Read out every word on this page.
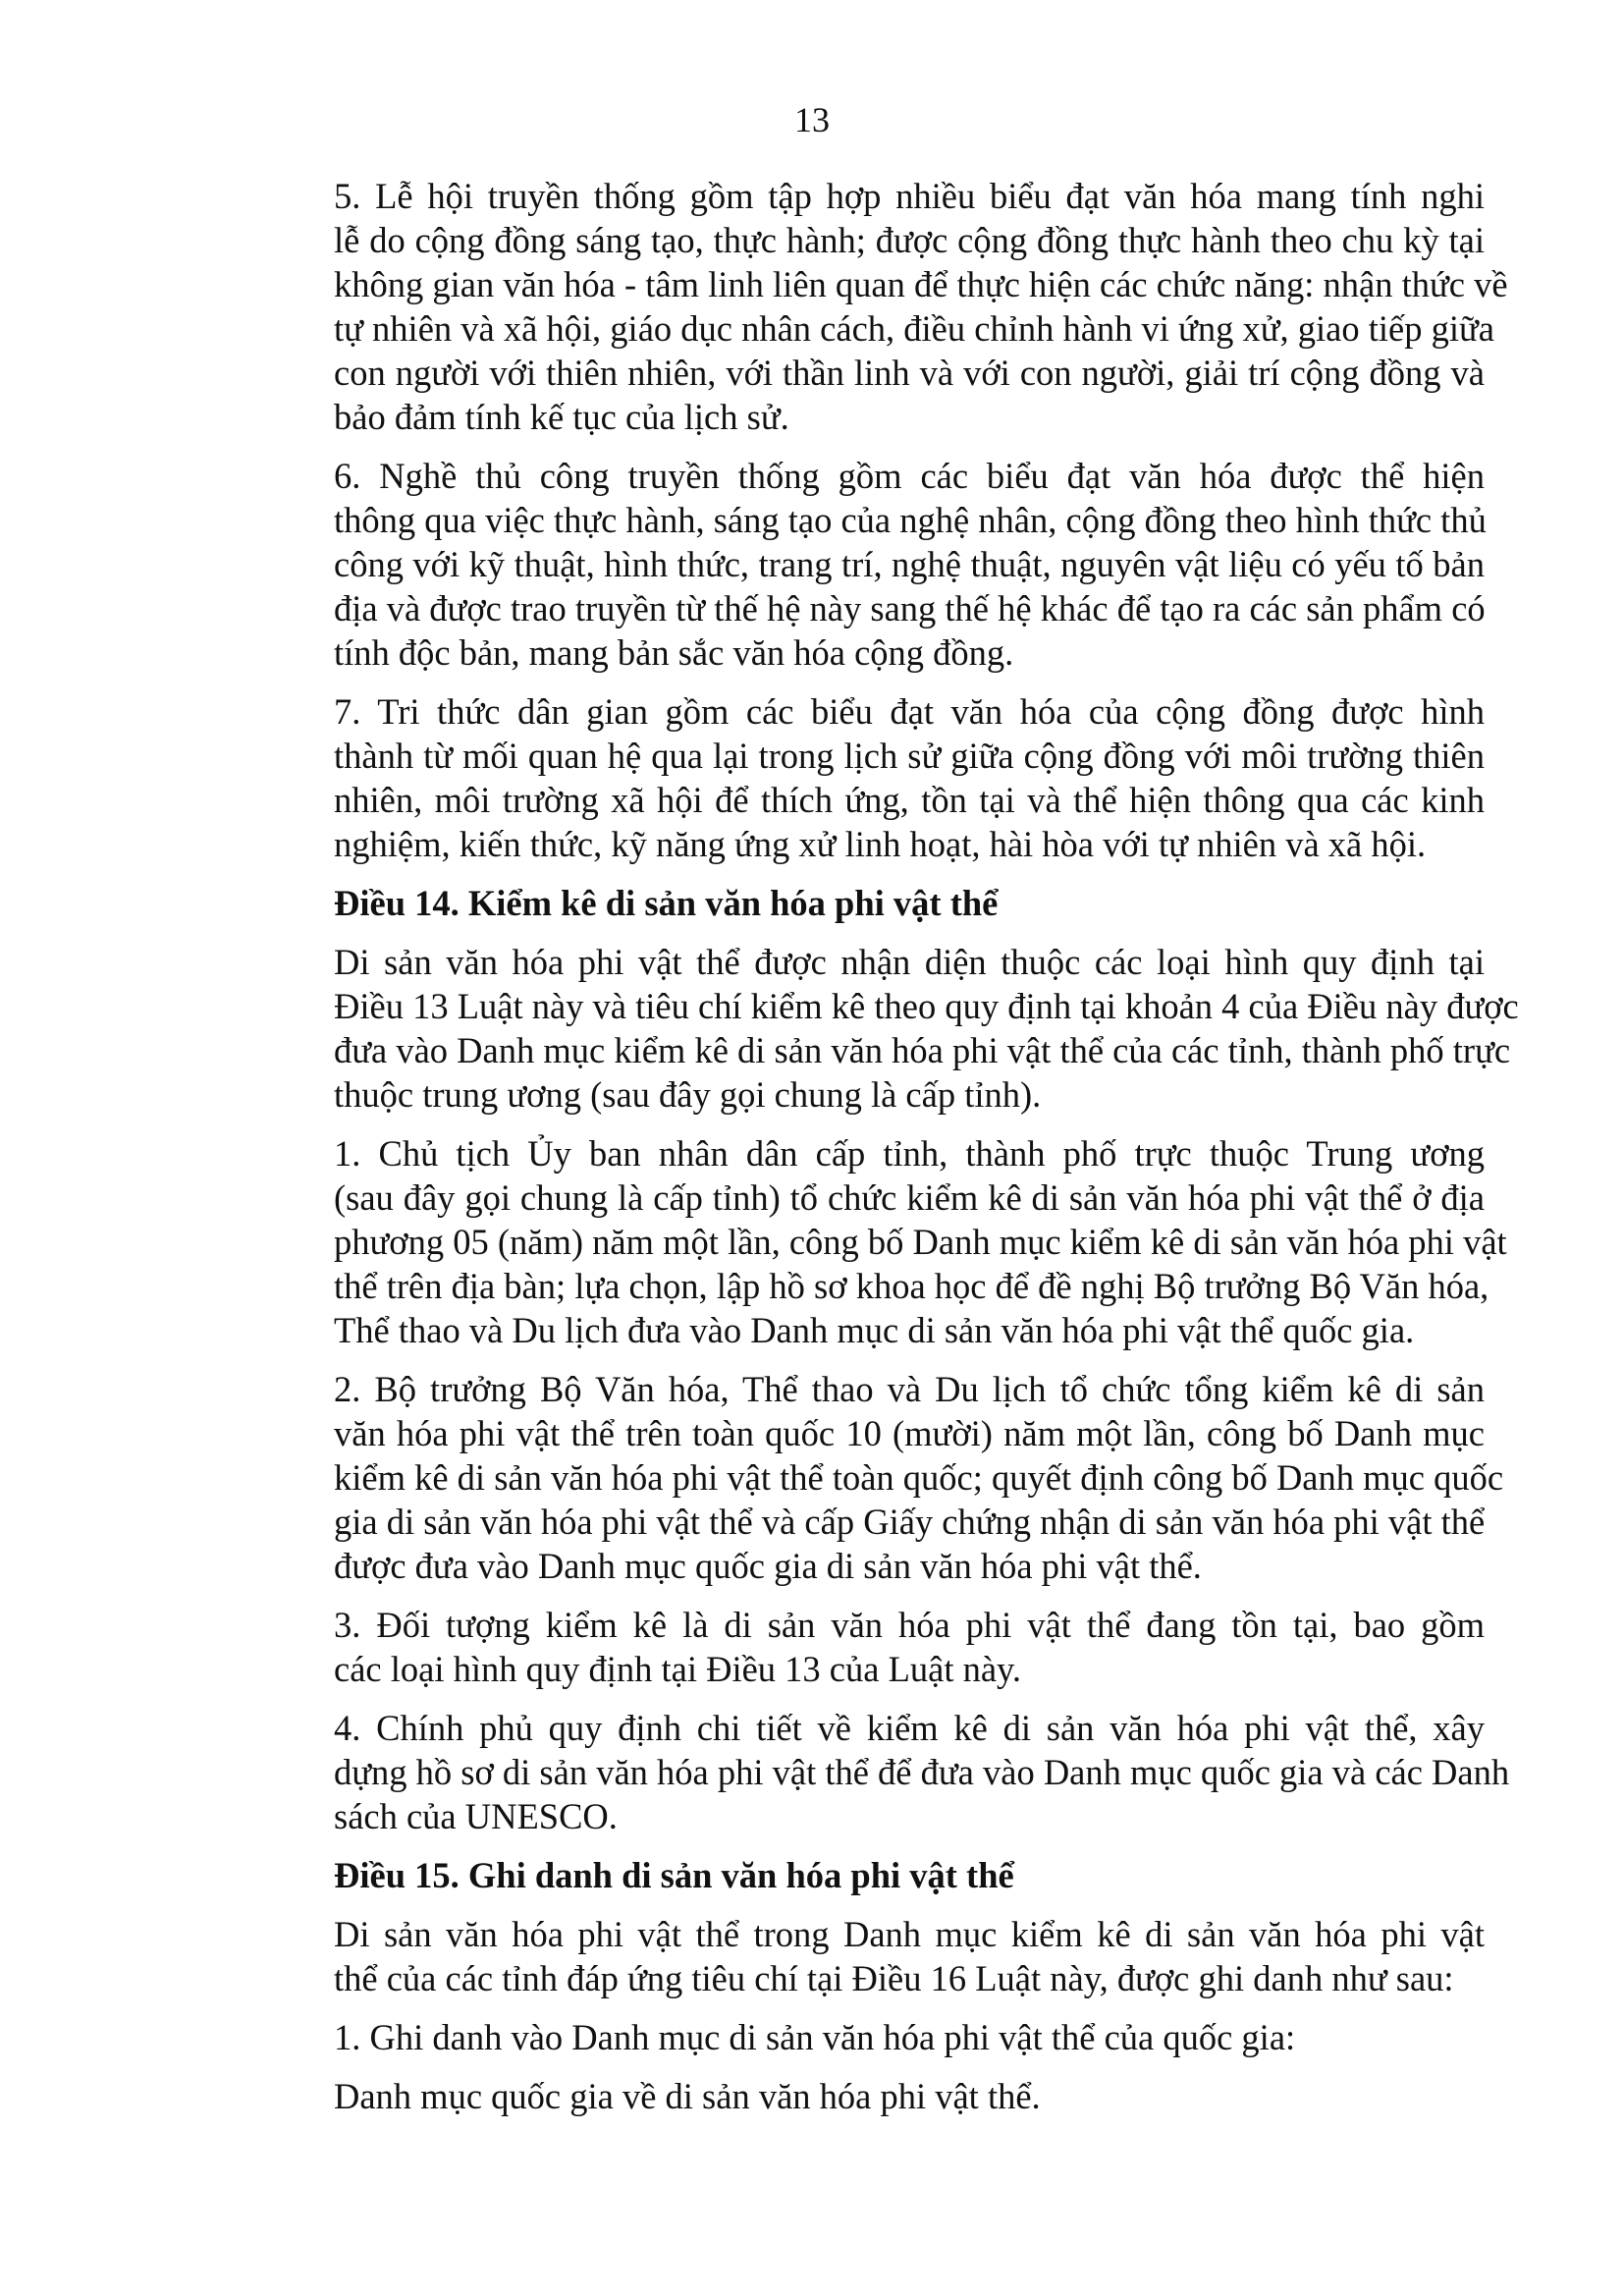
13
5. Lễ hội truyền thống gồm tập hợp nhiều biểu đạt văn hóa mang tính nghi
lễ do cộng đồng sáng tạo, thực hành; được cộng đồng thực hành theo chu kỳ tại
không gian văn hóa - tâm linh liên quan để thực hiện các chức năng: nhận thức về
tự nhiên và xã hội, giáo dục nhân cách, điều chỉnh hành vi ứng xử, giao tiếp giữa
con người với thiên nhiên, với thần linh và với con người, giải trí cộng đồng và
bảo đảm tính kế tục của lịch sử.
6. Nghề thủ công truyền thống gồm các biểu đạt văn hóa được thể hiện
thông qua việc thực hành, sáng tạo của nghệ nhân, cộng đồng theo hình thức thủ
công với kỹ thuật, hình thức, trang trí, nghệ thuật, nguyên vật liệu có yếu tố bản
địa và được trao truyền từ thế hệ này sang thế hệ khác để tạo ra các sản phẩm có
tính độc bản, mang bản sắc văn hóa cộng đồng.
7. Tri thức dân gian gồm các biểu đạt văn hóa của cộng đồng được hình
thành từ mối quan hệ qua lại trong lịch sử giữa cộng đồng với môi trường thiên
nhiên, môi trường xã hội để thích ứng, tồn tại và thể hiện thông qua các kinh
nghiệm, kiến thức, kỹ năng ứng xử linh hoạt, hài hòa với tự nhiên và xã hội.
Điều 14. Kiểm kê di sản văn hóa phi vật thể
Di sản văn hóa phi vật thể được nhận diện thuộc các loại hình quy định tại
Điều 13 Luật này và tiêu chí kiểm kê theo quy định tại khoản 4 của Điều này được
đưa vào Danh mục kiểm kê di sản văn hóa phi vật thể của các tỉnh, thành phố trực
thuộc trung ương (sau đây gọi chung là cấp tỉnh).
1. Chủ tịch Ủy ban nhân dân cấp tỉnh, thành phố trực thuộc Trung ương
(sau đây gọi chung là cấp tỉnh) tổ chức kiểm kê di sản văn hóa phi vật thể ở địa
phương 05 (năm) năm một lần, công bố Danh mục kiểm kê di sản văn hóa phi vật
thể trên địa bàn; lựa chọn, lập hồ sơ khoa học để đề nghị Bộ trưởng Bộ Văn hóa,
Thể thao và Du lịch đưa vào Danh mục di sản văn hóa phi vật thể quốc gia.
2. Bộ trưởng Bộ Văn hóa, Thể thao và Du lịch tổ chức tổng kiểm kê di sản
văn hóa phi vật thể trên toàn quốc 10 (mười) năm một lần, công bố Danh mục
kiểm kê di sản văn hóa phi vật thể toàn quốc; quyết định công bố Danh mục quốc
gia di sản văn hóa phi vật thể và cấp Giấy chứng nhận di sản văn hóa phi vật thể
được đưa vào Danh mục quốc gia di sản văn hóa phi vật thể.
3. Đối tượng kiểm kê là di sản văn hóa phi vật thể đang tồn tại, bao gồm
các loại hình quy định tại Điều 13 của Luật này.
4. Chính phủ quy định chi tiết về kiểm kê di sản văn hóa phi vật thể, xây
dựng hồ sơ di sản văn hóa phi vật thể để đưa vào Danh mục quốc gia và các Danh
sách của UNESCO.
Điều 15. Ghi danh di sản văn hóa phi vật thể
Di sản văn hóa phi vật thể trong Danh mục kiểm kê di sản văn hóa phi vật
thể của các tỉnh đáp ứng tiêu chí tại Điều 16 Luật này, được ghi danh như sau:
1. Ghi danh vào Danh mục di sản văn hóa phi vật thể của quốc gia:
Danh mục quốc gia về di sản văn hóa phi vật thể.
